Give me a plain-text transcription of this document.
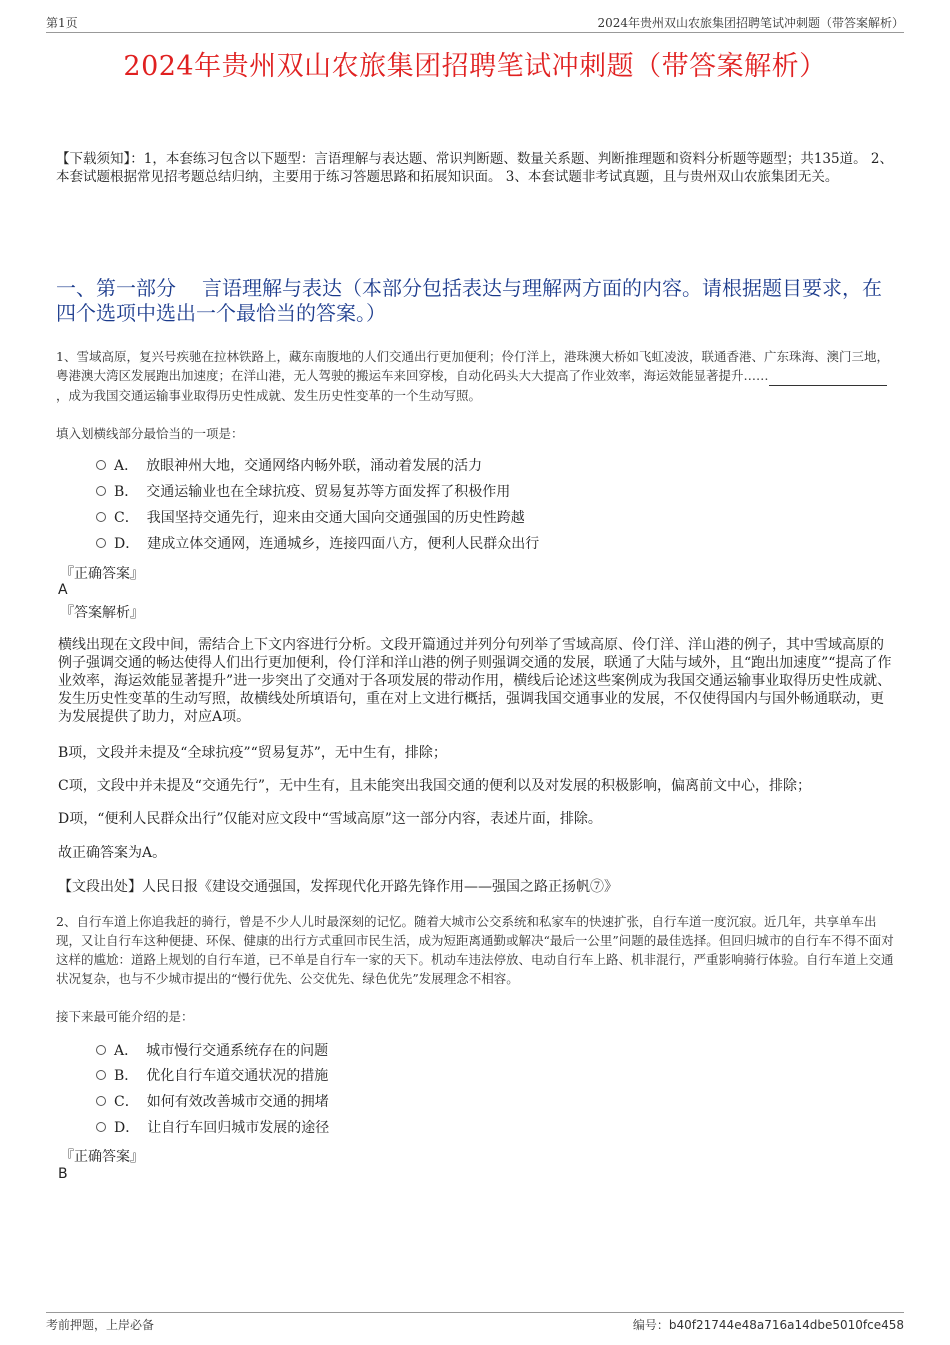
第1页	2024年贵州双山农旅集团招聘笔试冲刺题（带答案解析）
2024年贵州双山农旅集团招聘笔试冲刺题（带答案解析）
【下载须知】：1，本套练习包含以下题型：言语理解与表达题、常识判断题、数量关系题、判断推理题和资料分析题等题型；共135道。 2、本套试题根据常见招考题总结归纳，主要用于练习答题思路和拓展知识面。 3、本套试题非考试真题，且与贵州双山农旅集团无关。
一、第一部分 言语理解与表达（本部分包括表达与理解两方面的内容。请根据题目要求，在四个选项中选出一个最恰当的答案。）
1、雪域高原，复兴号疾驰在拉林铁路上，藏东南腹地的人们交通出行更加便利；伶仃洋上，港珠澳大桥如飞虹凌波，联通香港、广东珠海、澳门三地，粤港澳大湾区发展跑出加速度；在洋山港，无人驾驶的搬运车来回穿梭，自动化码头大大提高了作业效率，海运效能显著提升…… ，成为我国交通运输事业取得历史性成就、发生历史性变革的一个生动写照。
填入划横线部分最恰当的一项是：
A． 放眼神州大地，交通网络内畅外联，涌动着发展的活力
B． 交通运输业也在全球抗疫、贸易复苏等方面发挥了积极作用
C． 我国坚持交通先行，迎来由交通大国向交通强国的历史性跨越
D． 建成立体交通网，连通城乡，连接四面八方，便利人民群众出行
『正确答案』
A
『答案解析』
横线出现在文段中间，需结合上下文内容进行分析。文段开篇通过并列分句列举了雪域高原、伶仃洋、洋山港的例子，其中雪域高原的例子强调交通的畅达使得人们出行更加便利，伶仃洋和洋山港的例子则强调交通的发展，联通了大陆与域外，且“跑出加速度”“提高了作业效率，海运效能显著提升”进一步突出了交通对于各项发展的带动作用，横线后论述这些案例成为我国交通运输事业取得历史性成就、发生历史性变革的生动写照，故横线处所填语句，重在对上文进行概括，强调我国交通事业的发展，不仅使得国内与国外畅通联动，更为发展提供了助力，对应A项。
B项，文段并未提及“全球抗疫”“贸易复苏”，无中生有，排除；
C项，文段中并未提及“交通先行”，无中生有，且未能突出我国交通的便利以及对发展的积极影响，偏离前文中心，排除；
D项，“便利人民群众出行”仅能对应文段中“雪域高原”这一部分内容，表述片面，排除。
故正确答案为A。
【文段出处】人民日报《建设交通强国，发挥现代化开路先锋作用——强国之路正扬帆⑦》
2、自行车道上你追我赶的骑行，曾是不少人儿时最深刻的记忆。随着大城市公交系统和私家车的快速扩张，自行车道一度沉寂。近几年，共享单车出现，又让自行车这种便捷、环保、健康的出行方式重回市民生活，成为短距离通勤或解决“最后一公里”问题的最佳选择。但回归城市的自行车不得不面对这样的尴尬：道路上规划的自行车道，已不单是自行车一家的天下。机动车违法停放、电动自行车上路、机非混行，严重影响骑行体验。自行车道上交通状况复杂，也与不少城市提出的“慢行优先、公交优先、绿色优先”发展理念不相容。
接下来最可能介绍的是：
A． 城市慢行交通系统存在的问题
B． 优化自行车道交通状况的措施
C． 如何有效改善城市交通的拥堵
D． 让自行车回归城市发展的途径
『正确答案』
B
考前押题，上岸必备	编号：b40f21744e48a716a14dbe5010fce458
